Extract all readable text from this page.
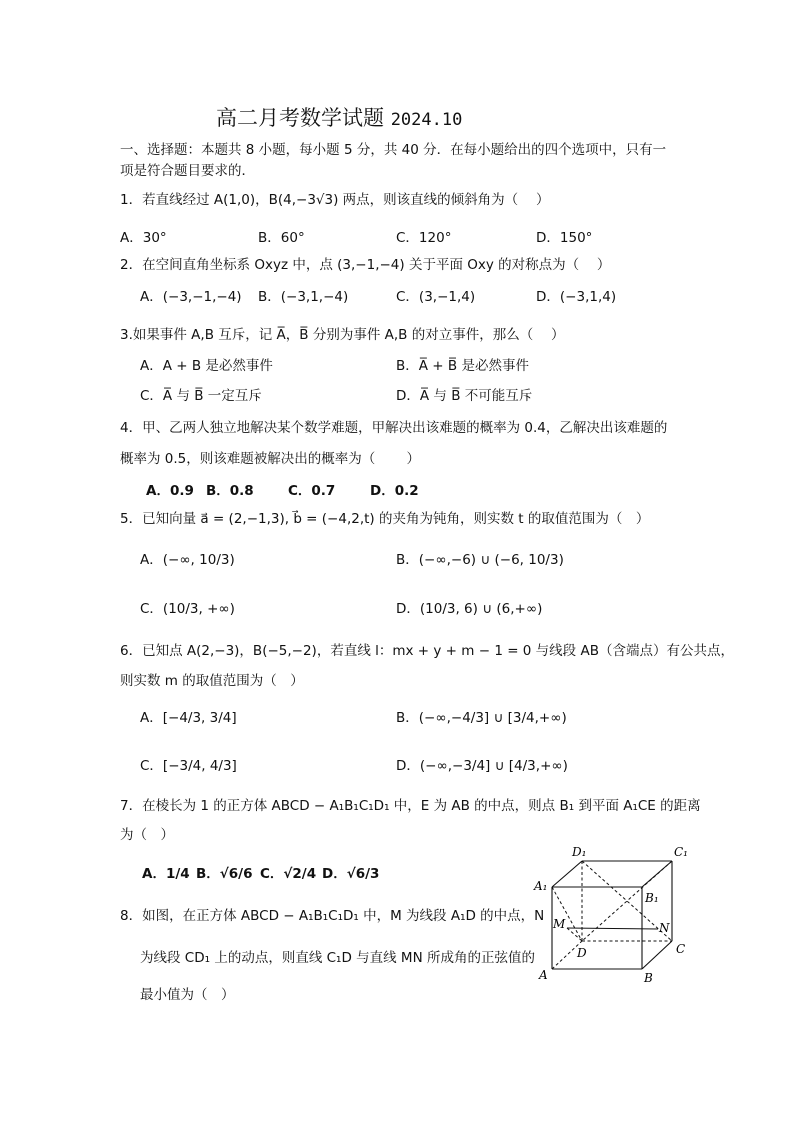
高二月考数学试题 2024.10
一、选择题：本题共 8 小题，每小题 5 分，共 40 分．在每小题给出的四个选项中，只有一
项是符合题目要求的．
1．若直线经过 A(1,0)，B(4,−3√3) 两点，则该直线的倾斜角为（　 ）
A．30°	B．60°	C．120°	D．150°
2．在空间直角坐标系 Oxyz 中，点 (3,−1,−4) 关于平面 Oxy 的对称点为（　 ）
A．(−3,−1,−4) B．(−3,1,−4)	C．(3,−1,4)	D．(−3,1,4)
3.如果事件 A,B 互斥，记 A̅，B̅ 分别为事件 A,B 的对立事件，那么（　 ）
A．A + B 是必然事件	B．A̅ + B̅ 是必然事件
C．A̅ 与 B̅ 一定互斥	D．A̅ 与 B̅ 不可能互斥
4．甲、乙两人独立地解决某个数学难题，甲解决出该难题的概率为 0.4，乙解决出该难题的
概率为 0.5，则该难题被解决出的概率为（　　 ）
A．0.9 B．0.8	C．0.7	D．0.2
5．已知向量 a⃗ = (2,−1,3), b⃗ = (−4,2,t) 的夹角为钝角，则实数 t 的取值范围为（　）
A．(−∞, 10/3)	B．(−∞,−6) ∪ (−6, 10/3)
C．(10/3, +∞)	D．(10/3, 6) ∪ (6,+∞)
6．已知点 A(2,−3)，B(−5,−2)，若直线 l：mx + y + m − 1 = 0 与线段 AB（含端点）有公共点，
则实数 m 的取值范围为（　）
A．[−4/3, 3/4]	B．(−∞,−4/3] ∪ [3/4,+∞)
C．[−3/4, 4/3]	D．(−∞,−3/4] ∪ [4/3,+∞)
7．在棱长为 1 的正方体 ABCD − A₁B₁C₁D₁ 中，E 为 AB 的中点，则点 B₁ 到平面 A₁CE 的距离
为（　）
A．1/4 B．√6/6 C．√2/4 D．√6/3
8．如图，在正方体 ABCD − A₁B₁C₁D₁ 中，M 为线段 A₁D 的中点，N
为线段 CD₁ 上的动点，则直线 C₁D 与直线 MN 所成角的正弦值的
最小值为（　）
D₁	C₁
A₁
B₁
M	N
D	C
A	B
